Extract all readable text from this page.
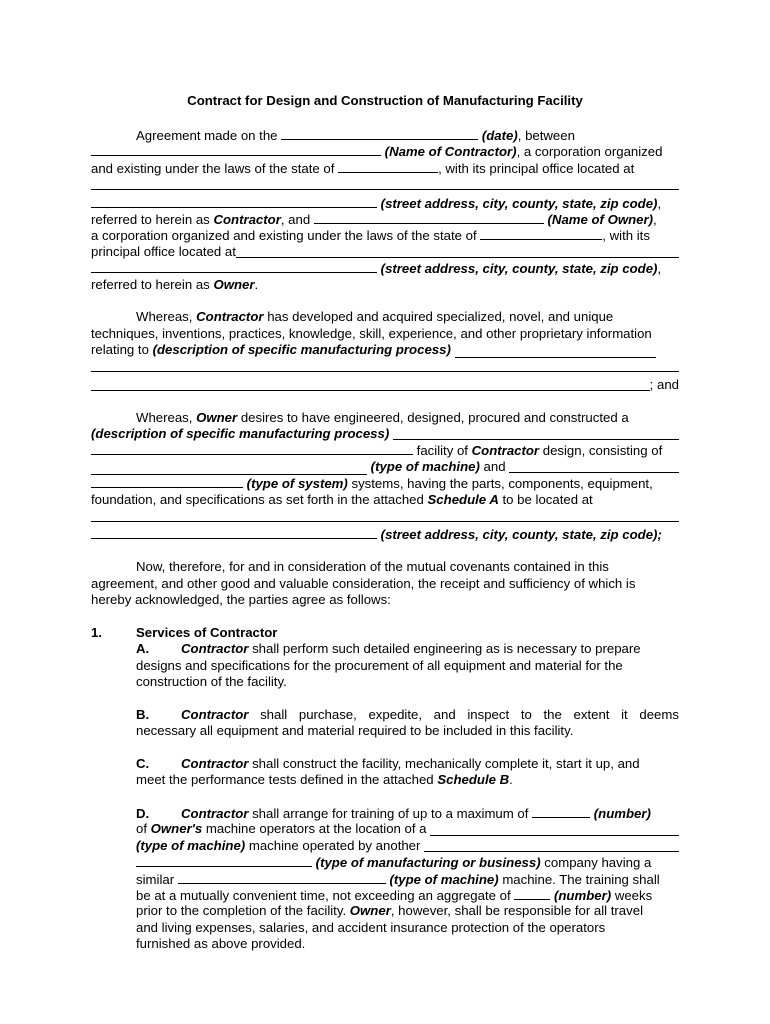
Contract for Design and Construction of Manufacturing Facility
Agreement made on the	(date), between
(Name of Contractor), a corporation organized
and existing under the laws of the state of	, with its principal office located at
(street address, city, county, state, zip code),
referred to herein as Contractor, and	(Name of Owner),
a corporation organized and existing under the laws of the state of	, with its
principal office located at
(street address, city, county, state, zip code),
referred to herein as Owner.
Whereas, Contractor has developed and acquired specialized, novel, and unique
techniques, inventions, practices, knowledge, skill, experience, and other proprietary information
relating to
(description of specific manufacturing process)

; and
Whereas, Owner desires to have engineered, designed, procured and constructed a
(description of specific manufacturing process)

facility of Contractor design, consisting of

(type of machine)
and

(type of system) systems, having the parts, components, equipment,
foundation, and specifications as set forth in the attached Schedule A to be located at
(street address, city, county, state, zip code);
Now, therefore, for and in consideration of the mutual covenants contained in this
agreement, and other good and valuable consideration, the receipt and sufficiency of which is
hereby acknowledged, the parties agree as follows:
1.	Services of Contractor
A. Contractor shall perform such detailed engineering as is necessary to prepare
designs and specifications for the procurement of all equipment and material for the
construction of the facility.
B.	Contractor shall purchase, expedite, and inspect to the extent it deems
necessary all equipment and material required to be included in this facility.
C. Contractor shall construct the facility, mechanically complete it, start it up, and
meet the performance tests defined in the attached Schedule B.
D. Contractor shall arrange for training of up to a maximum of	(number)
of
Owner's
machine operators at the location of a

(type of machine)
machine operated by another

(type of manufacturing or business) company having a
similar	(type of machine) machine. The training shall
be at a mutually convenient time, not exceeding an aggregate of	(number) weeks
prior to the completion of the facility. Owner, however, shall be responsible for all travel
and living expenses, salaries, and accident insurance protection of the operators
furnished as above provided.
